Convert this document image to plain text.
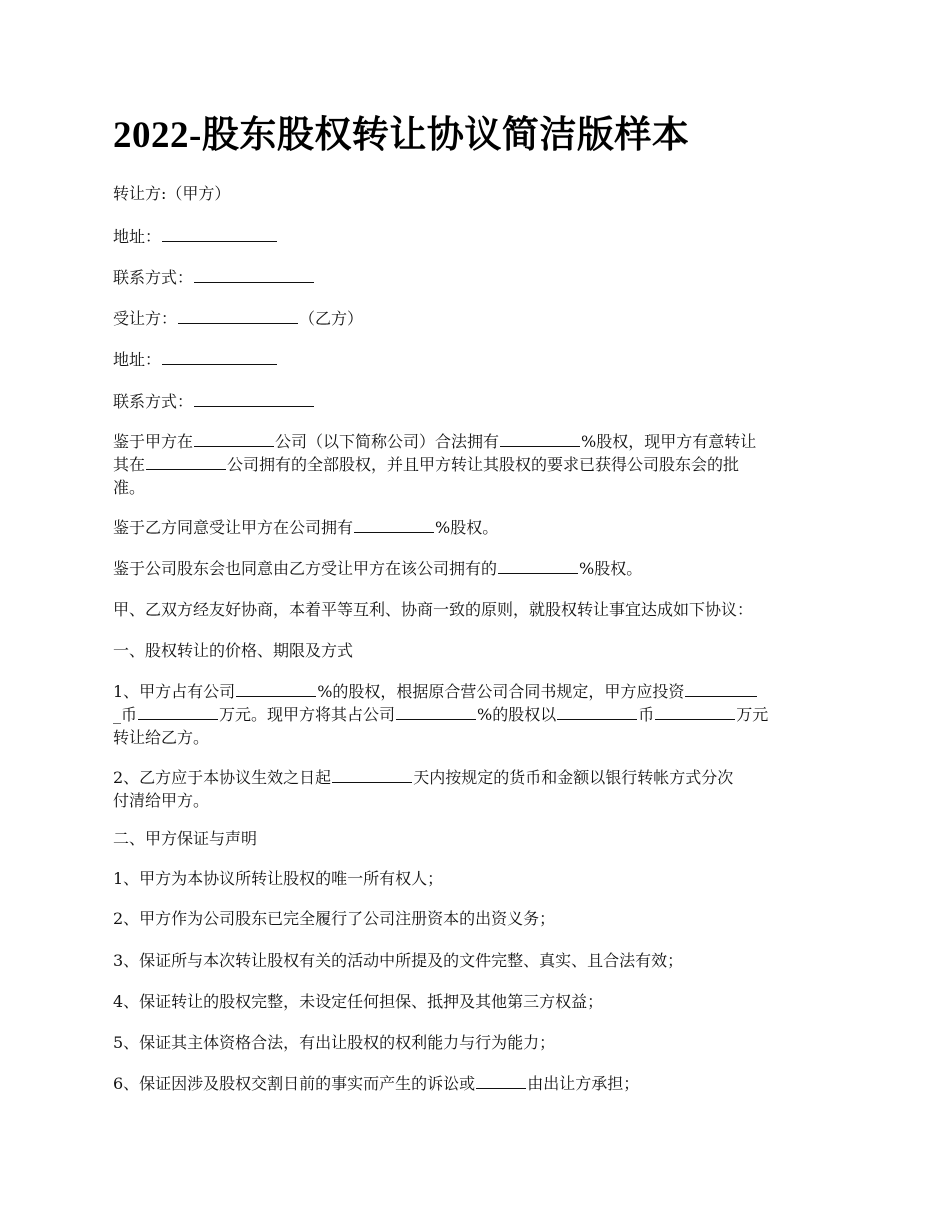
2022-股东股权转让协议简洁版样本

转让方:（甲方）

地址：

联系方式：

受让方：	（乙方）

地址：

联系方式：

鉴于甲方在	公司（以下简称公司）合法拥有	%股权，现甲方有意转让
其在	公司拥有的全部股权，并且甲方转让其股权的要求已获得公司股东会的批
准。

鉴于乙方同意受让甲方在公司拥有	%股权。

鉴于公司股东会也同意由乙方受让甲方在该公司拥有的	%股权。

甲、乙双方经友好协商，本着平等互利、协商一致的原则，就股权转让事宜达成如下协议：

一、股权转让的价格、期限及方式

1、甲方占有公司	%的股权，根据原合营公司合同书规定，甲方应投资
_币	万元。现甲方将其占公司	%的股权以	币	万元
转让给乙方。
2、乙方应于本协议生效之日起	天内按规定的货币和金额以银行转帐方式分次
付清给甲方。

二、甲方保证与声明

1、甲方为本协议所转让股权的唯一所有权人；

2、甲方作为公司股东已完全履行了公司注册资本的出资义务；

3、保证所与本次转让股权有关的活动中所提及的文件完整、真实、且合法有效；

4、保证转让的股权完整，未设定任何担保、抵押及其他第三方权益；

5、保证其主体资格合法，有出让股权的权利能力与行为能力；

6、保证因涉及股权交割日前的事实而产生的诉讼或	由出让方承担；
